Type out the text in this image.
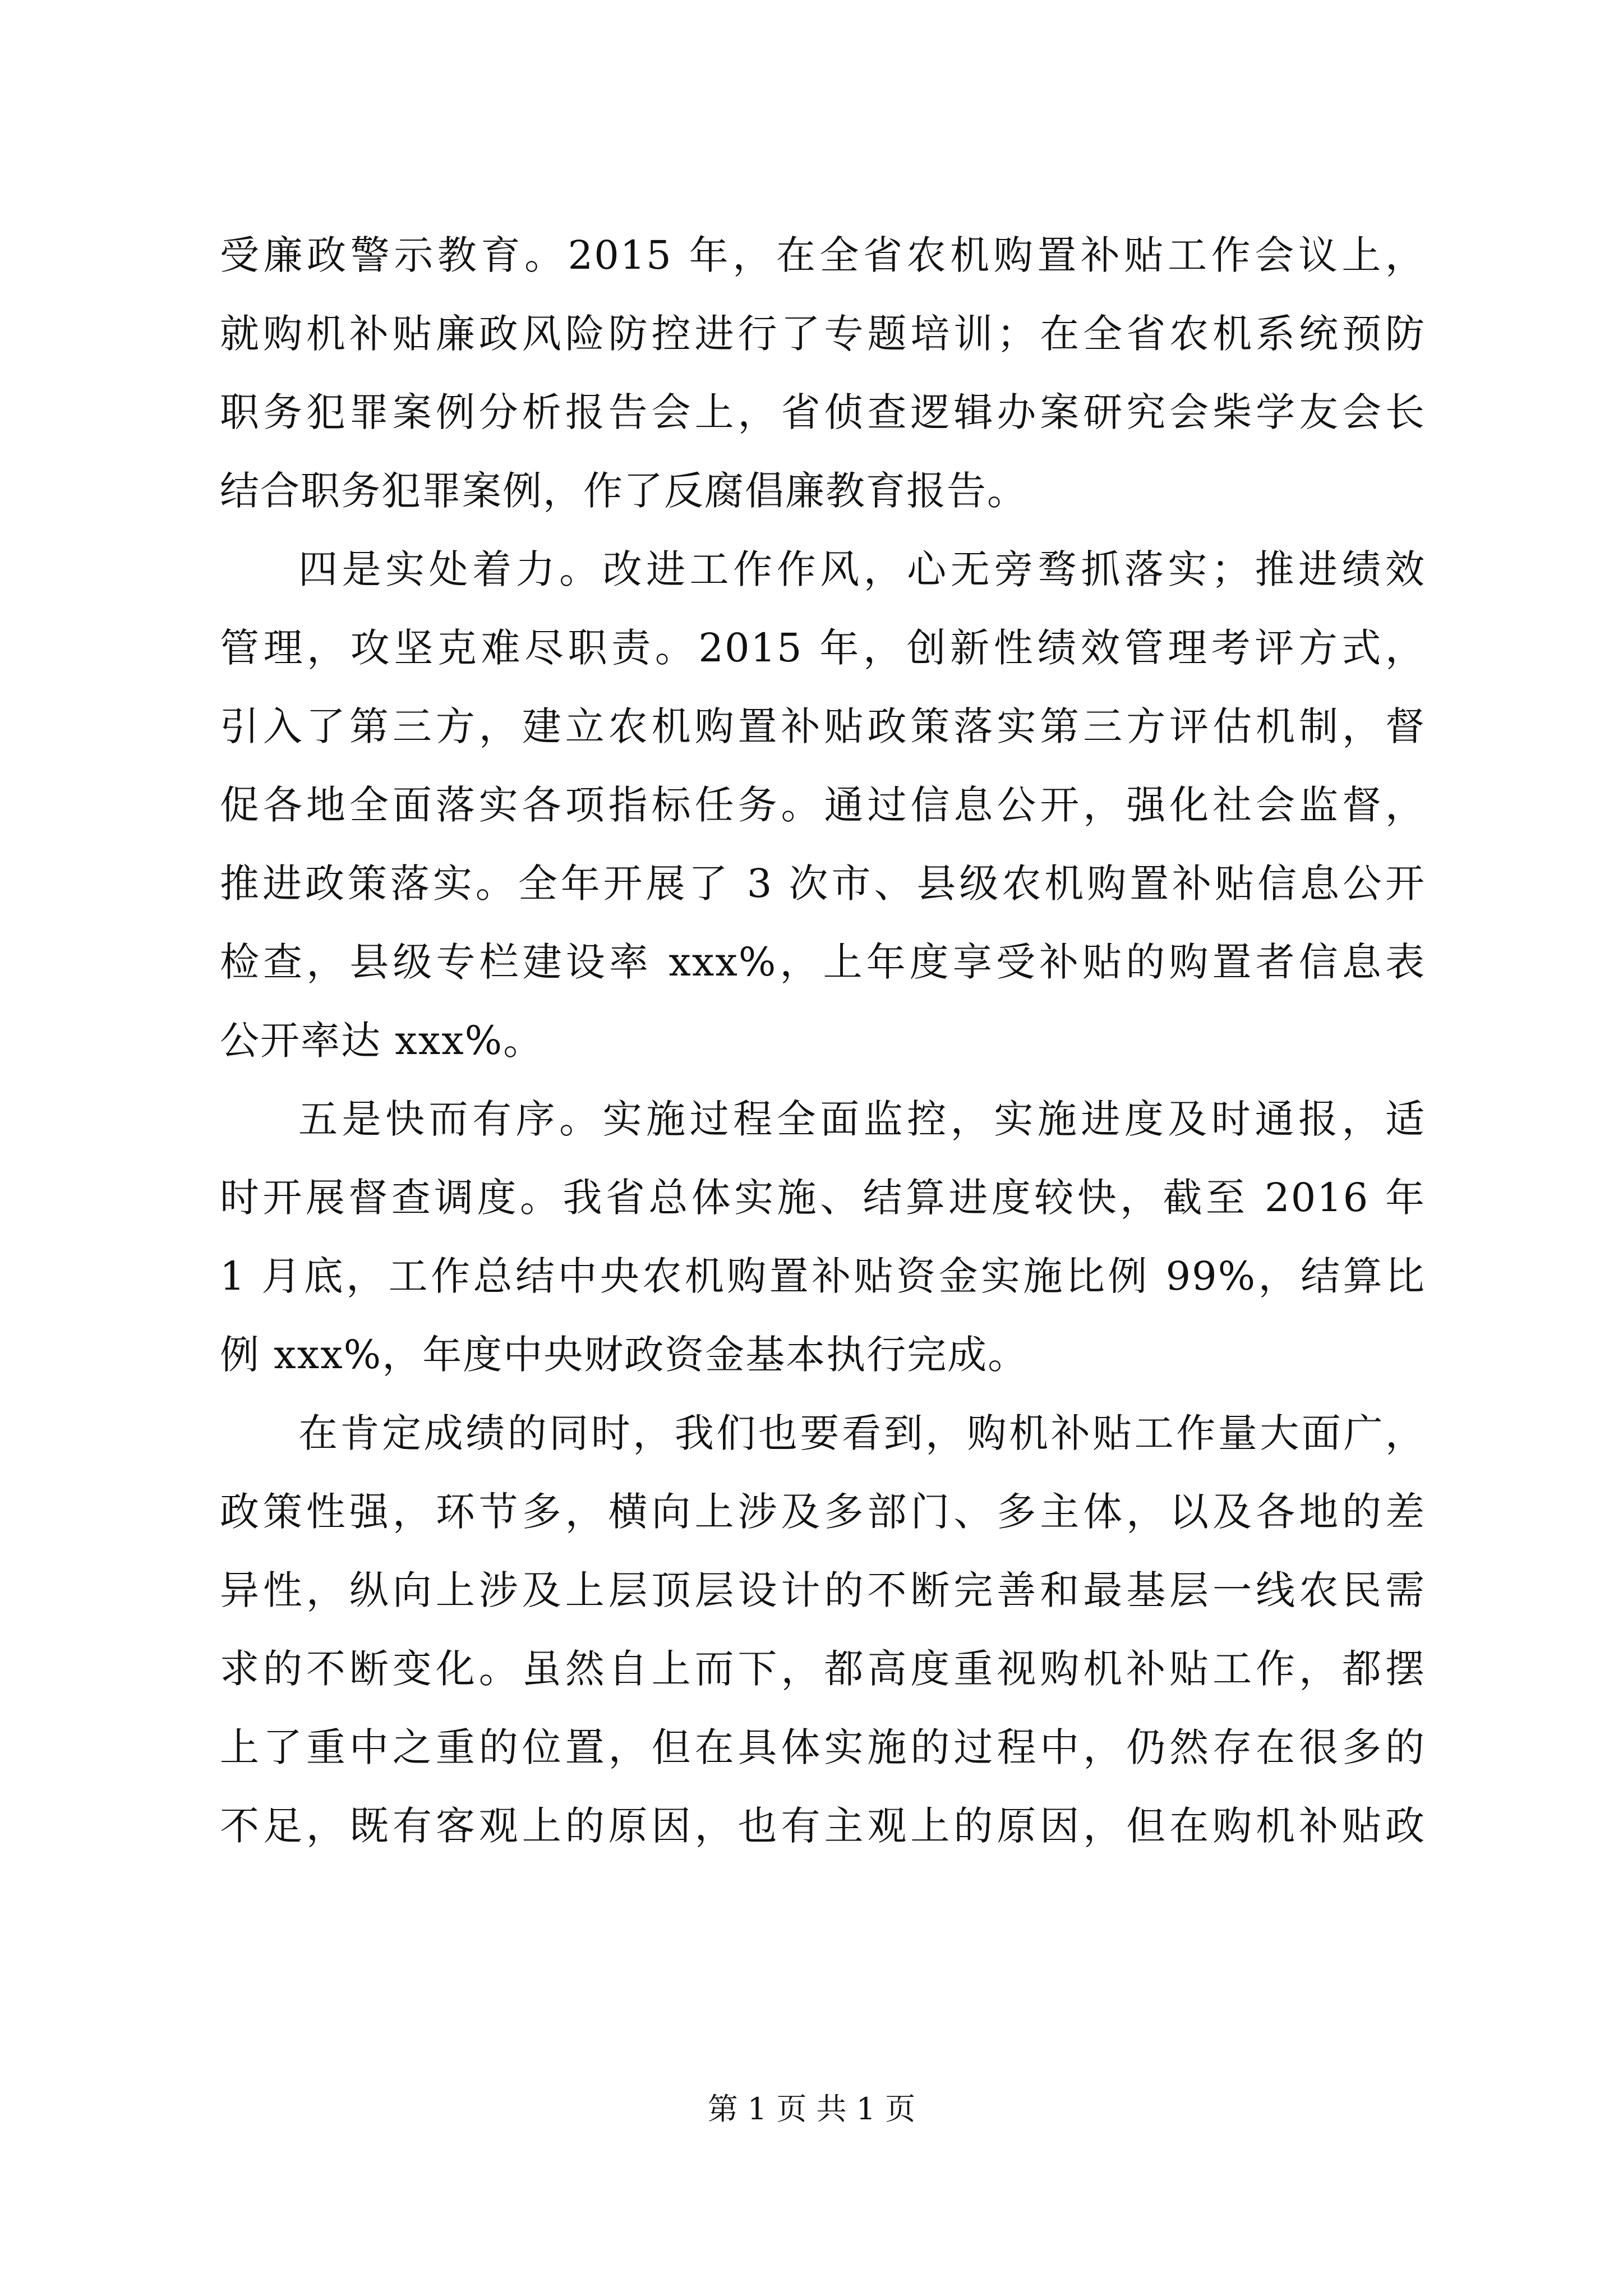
受廉政警示教育。2015 年，在全省农机购置补贴工作会议上，
就购机补贴廉政风险防控进行了专题培训；在全省农机系统预防
职务犯罪案例分析报告会上，省侦查逻辑办案研究会柴学友会长
结合职务犯罪案例，作了反腐倡廉教育报告。
四是实处着力。改进工作作风，心无旁骛抓落实；推进绩效
管理，攻坚克难尽职责。2015 年，创新性绩效管理考评方式，
引入了第三方，建立农机购置补贴政策落实第三方评估机制，督
促各地全面落实各项指标任务。通过信息公开，强化社会监督，
推进政策落实。全年开展了 3 次市、县级农机购置补贴信息公开
检查，县级专栏建设率 xxx%，上年度享受补贴的购置者信息表
公开率达 xxx%。
五是快而有序。实施过程全面监控，实施进度及时通报，适
时开展督查调度。我省总体实施、结算进度较快，截至 2016 年
1 月底，工作总结中央农机购置补贴资金实施比例 99%，结算比
例 xxx%，年度中央财政资金基本执行完成。
在肯定成绩的同时，我们也要看到，购机补贴工作量大面广，
政策性强，环节多，横向上涉及多部门、多主体，以及各地的差
异性，纵向上涉及上层顶层设计的不断完善和最基层一线农民需
求的不断变化。虽然自上而下，都高度重视购机补贴工作，都摆
上了重中之重的位置，但在具体实施的过程中，仍然存在很多的
不足，既有客观上的原因，也有主观上的原因，但在购机补贴政
第 1 页 共 1 页
